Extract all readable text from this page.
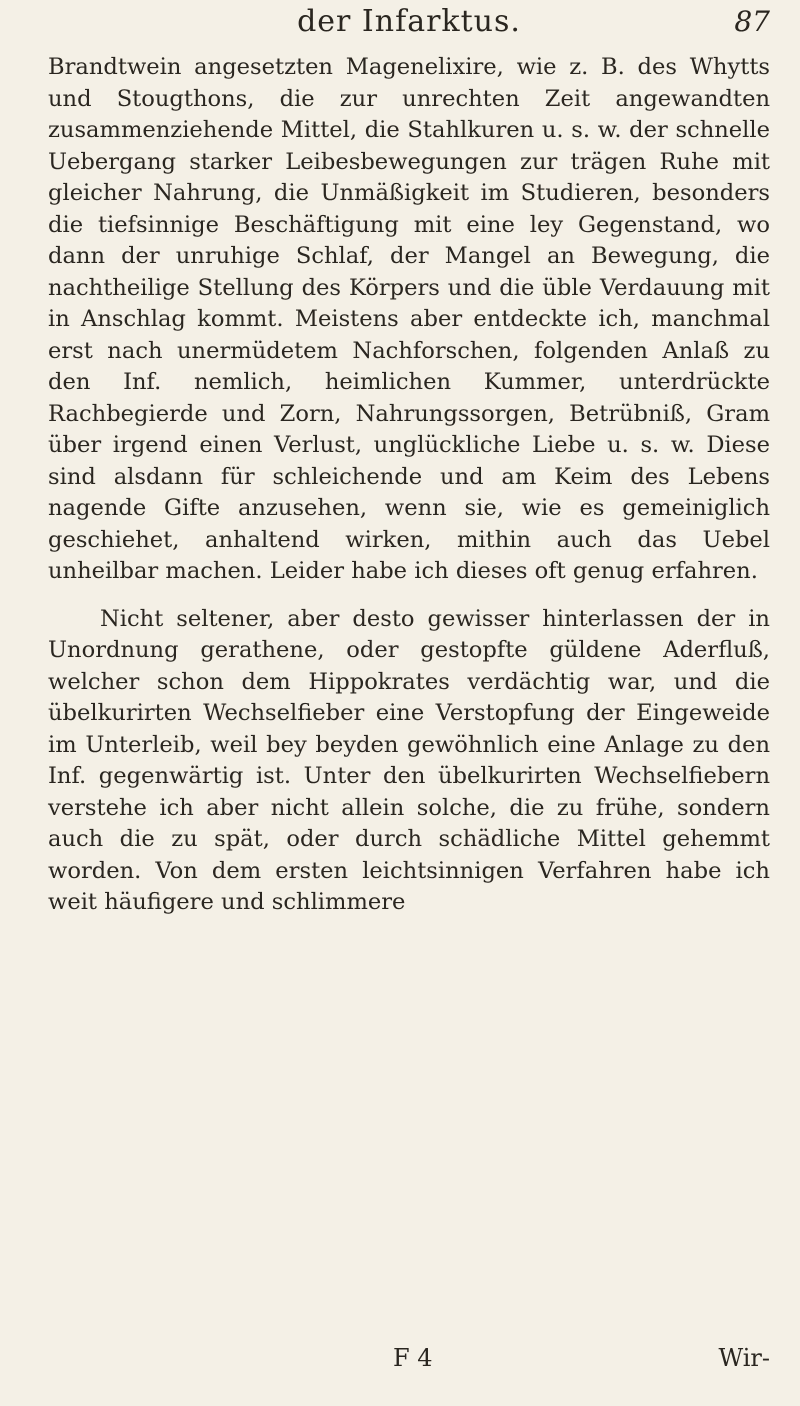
der Infarktus.	87

Brandtwein angesetzten Magenelixire, wie z. B. des Whytts und Stougthons, die zur unrechten Zeit angewandten zusammenziehende Mittel, die Stahlkuren u. s. w. der schnelle Uebergang starker Leibesbewegungen zur trägen Ruhe mit gleicher Nahrung, die Unmäßigkeit im Studieren, besonders die tiefsinnige Beschäftigung mit eine ley Gegenstand, wo dann der unruhige Schlaf, der Mangel an Bewegung, die nachtheilige Stellung des Körpers und die üble Verdauung mit in Anschlag kommt. Meistens aber entdeckte ich, manchmal erst nach unermüdetem Nachforschen, folgenden Anlaß zu den Inf. nemlich, heimlichen Kummer, unterdrückte Rachbegierde und Zorn, Nahrungssorgen, Betrübniß, Gram über irgend einen Verlust, unglückliche Liebe u. s. w. Diese sind alsdann für schleichende und am Keim des Lebens nagende Gifte anzusehen, wenn sie, wie es gemeiniglich geschiehet, anhaltend wirken, mithin auch das Uebel unheilbar machen. Leider habe ich dieses oft genug erfahren.

Nicht seltener, aber desto gewisser hinterlassen der in Unordnung gerathene, oder gestopfte güldene Aderfluß, welcher schon dem Hippokrates verdächtig war, und die übelkurirten Wechselfieber eine Verstopfung der Eingeweide im Unterleib, weil bey beyden gewöhnlich eine Anlage zu den Inf. gegenwärtig ist. Unter den übelkurirten Wechselfiebern verstehe ich aber nicht allein solche, die zu frühe, sondern auch die zu spät, oder durch schädliche Mittel gehemmt worden. Von dem ersten leichtsinnigen Verfahren habe ich weit häufigere und schlimmere

F 4	Wir-
